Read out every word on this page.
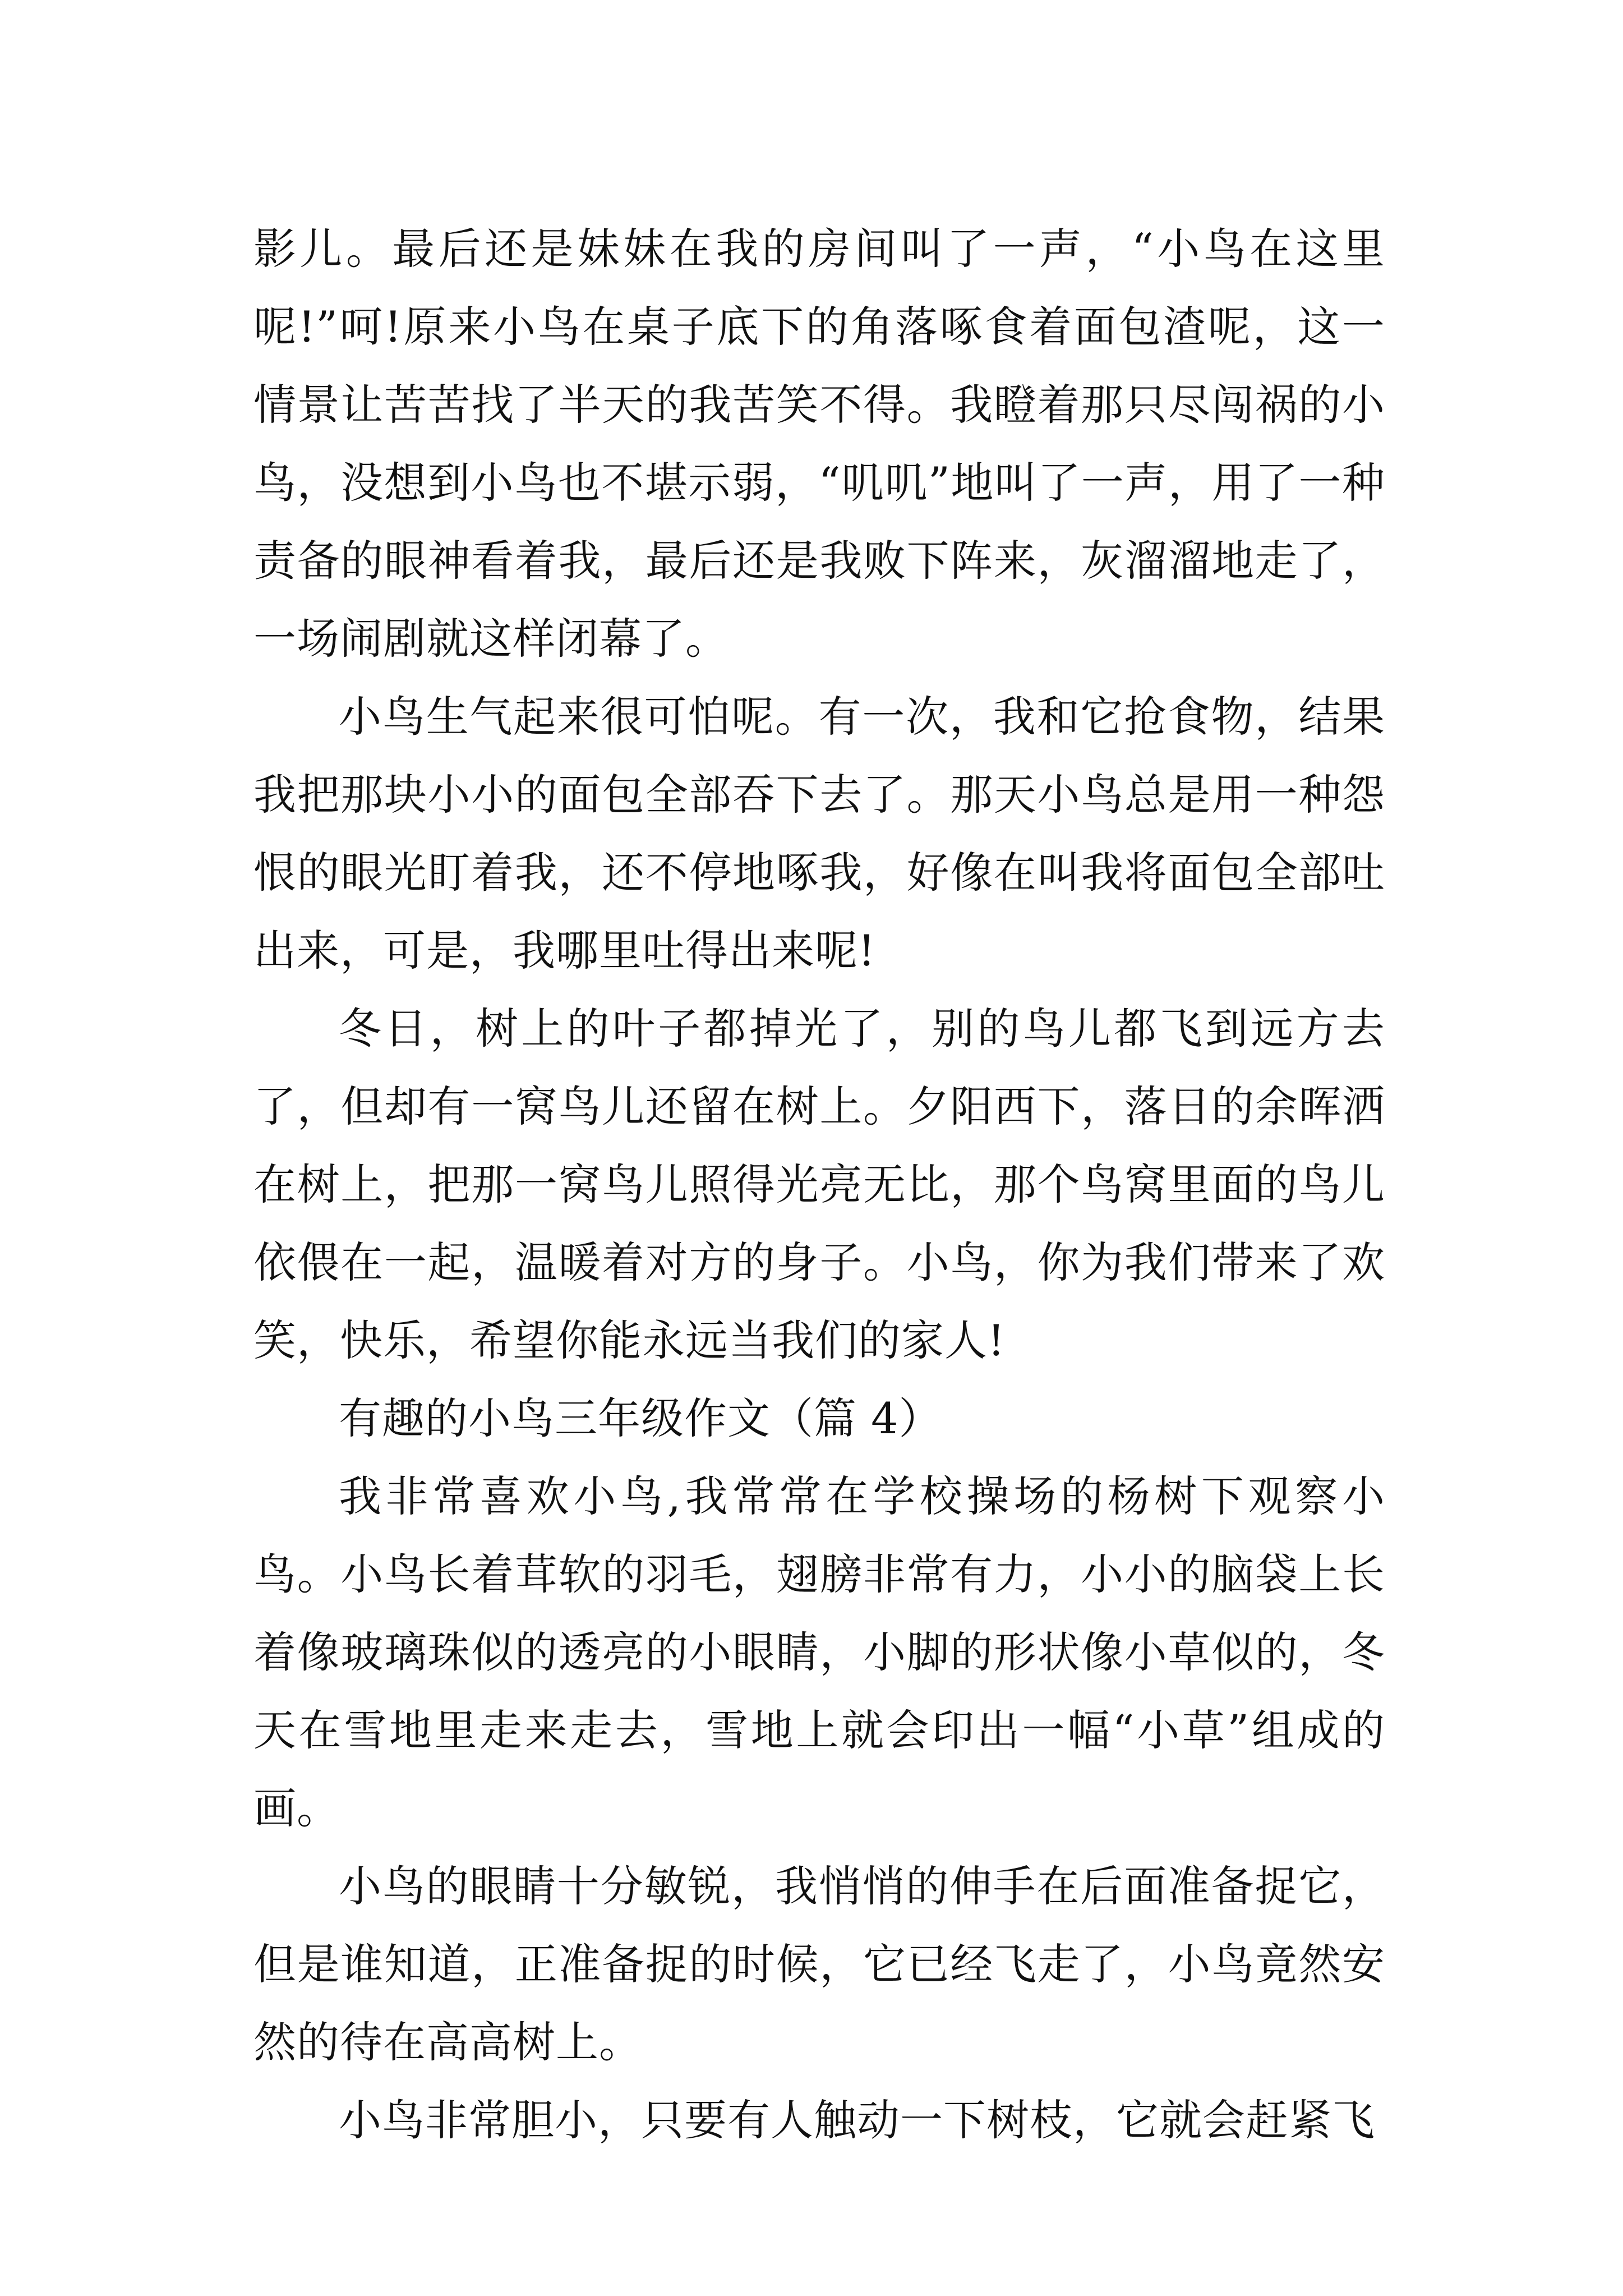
影儿。最后还是妹妹在我的房间叫了一声，“小鸟在这里呢!”呵!原来小鸟在桌子底下的角落啄食着面包渣呢，这一情景让苦苦找了半天的我苦笑不得。我瞪着那只尽闯祸的小鸟，没想到小鸟也不堪示弱，“叽叽”地叫了一声，用了一种责备的眼神看着我，最后还是我败下阵来，灰溜溜地走了，一场闹剧就这样闭幕了。

小鸟生气起来很可怕呢。有一次，我和它抢食物，结果我把那块小小的面包全部吞下去了。那天小鸟总是用一种怨恨的眼光盯着我，还不停地啄我，好像在叫我将面包全部吐出来，可是，我哪里吐得出来呢!

冬日，树上的叶子都掉光了，别的鸟儿都飞到远方去了，但却有一窝鸟儿还留在树上。夕阳西下，落日的余晖洒在树上，把那一窝鸟儿照得光亮无比，那个鸟窝里面的鸟儿依偎在一起，温暖着对方的身子。小鸟，你为我们带来了欢笑，快乐，希望你能永远当我们的家人!

有趣的小鸟三年级作文（篇 4）

我非常喜欢小鸟,我常常在学校操场的杨树下观察小鸟。小鸟长着茸软的羽毛，翅膀非常有力，小小的脑袋上长着像玻璃珠似的透亮的小眼睛，小脚的形状像小草似的，冬天在雪地里走来走去，雪地上就会印出一幅“小草”组成的画。

小鸟的眼睛十分敏锐，我悄悄的伸手在后面准备捉它，但是谁知道，正准备捉的时候，它已经飞走了，小鸟竟然安然的待在高高树上。

小鸟非常胆小，只要有人触动一下树枝，它就会赶紧飞
